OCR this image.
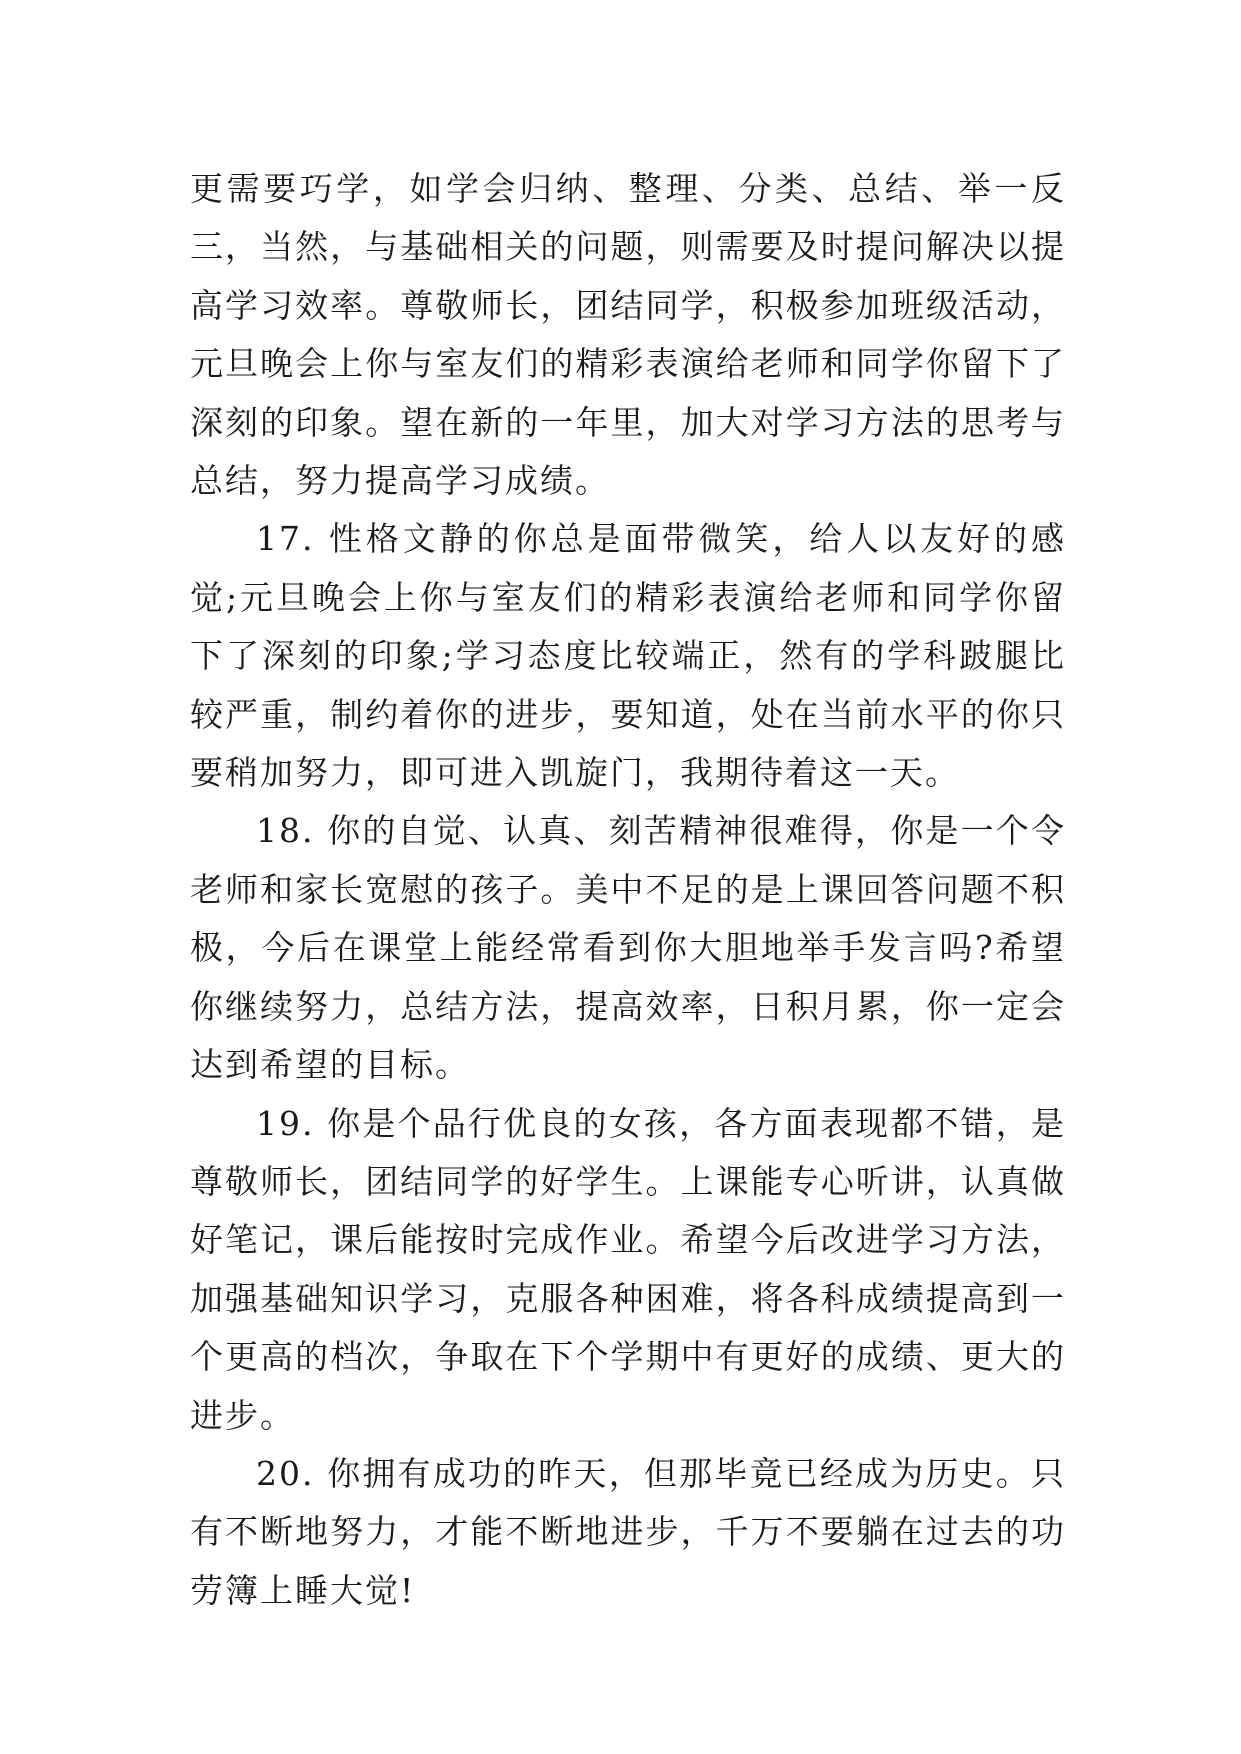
更需要巧学，如学会归纳、整理、分类、总结、举一反三，当然，与基础相关的问题，则需要及时提问解决以提高学习效率。尊敬师长，团结同学，积极参加班级活动，元旦晚会上你与室友们的精彩表演给老师和同学你留下了深刻的印象。望在新的一年里，加大对学习方法的思考与总结，努力提高学习成绩。

17. 性格文静的你总是面带微笑，给人以友好的感觉;元旦晚会上你与室友们的精彩表演给老师和同学你留下了深刻的印象;学习态度比较端正，然有的学科跛腿比较严重，制约着你的进步，要知道，处在当前水平的你只要稍加努力，即可进入凯旋门，我期待着这一天。

18. 你的自觉、认真、刻苦精神很难得，你是一个令老师和家长宽慰的孩子。美中不足的是上课回答问题不积极，今后在课堂上能经常看到你大胆地举手发言吗?希望你继续努力，总结方法，提高效率，日积月累，你一定会达到希望的目标。

19. 你是个品行优良的女孩，各方面表现都不错，是尊敬师长，团结同学的好学生。上课能专心听讲，认真做好笔记，课后能按时完成作业。希望今后改进学习方法，加强基础知识学习，克服各种困难，将各科成绩提高到一个更高的档次，争取在下个学期中有更好的成绩、更大的进步。

20. 你拥有成功的昨天，但那毕竟已经成为历史。只有不断地努力，才能不断地进步，千万不要躺在过去的功劳簿上睡大觉!
